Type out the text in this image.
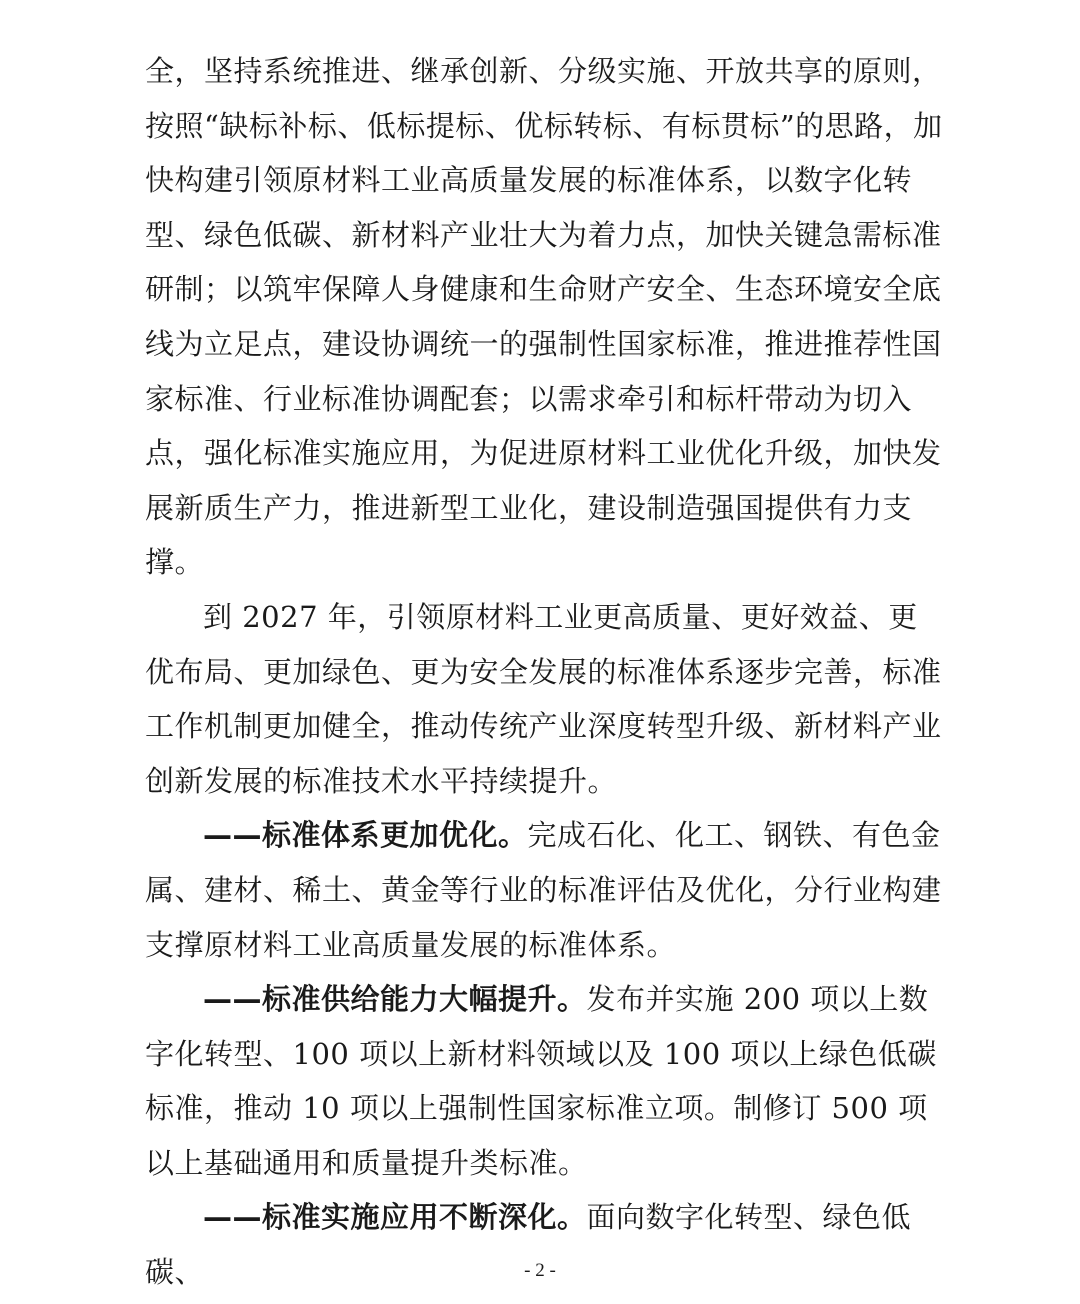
全，坚持系统推进、继承创新、分级实施、开放共享的原则，按照“缺标补标、低标提标、优标转标、有标贯标”的思路，加快构建引领原材料工业高质量发展的标准体系，以数字化转型、绿色低碳、新材料产业壮大为着力点，加快关键急需标准研制；以筑牢保障人身健康和生命财产安全、生态环境安全底线为立足点，建设协调统一的强制性国家标准，推进推荐性国家标准、行业标准协调配套；以需求牵引和标杆带动为切入点，强化标准实施应用，为促进原材料工业优化升级，加快发展新质生产力，推进新型工业化，建设制造强国提供有力支撑。

到 2027 年，引领原材料工业更高质量、更好效益、更优布局、更加绿色、更为安全发展的标准体系逐步完善，标准工作机制更加健全，推动传统产业深度转型升级、新材料产业创新发展的标准技术水平持续提升。

——标准体系更加优化。完成石化、化工、钢铁、有色金属、建材、稀土、黄金等行业的标准评估及优化，分行业构建支撑原材料工业高质量发展的标准体系。

——标准供给能力大幅提升。发布并实施 200 项以上数字化转型、100 项以上新材料领域以及 100 项以上绿色低碳标准，推动 10 项以上强制性国家标准立项。制修订 500 项以上基础通用和质量提升类标准。

——标准实施应用不断深化。面向数字化转型、绿色低碳、	- 2 -
